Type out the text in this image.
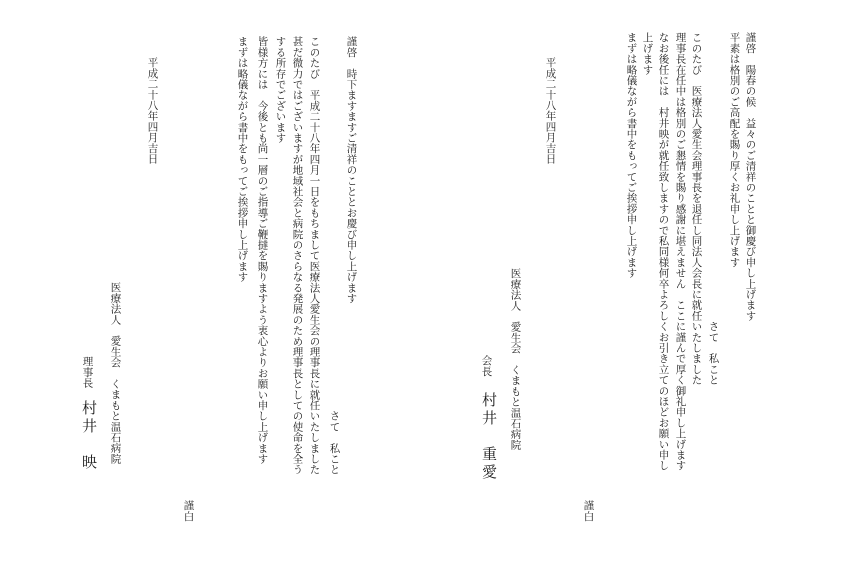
謹啓　陽春の候　益々のご清祥のことと御慶び申し上げます
平素は格別のご高配を賜り厚くお礼申し上げます
　　　　　　　　　　　　　　　　　　　　　　　　　　　さて　私こと
このたび　医療法人愛生会理事長を退任し同法人会長に就任いたしました
理事長在任中は格別のご懇情を賜り感謝に堪えません　ここに謹んで厚く御礼申し上げます
なお後任には　村井映が就任致しますので私同様何卒よろしくお引き立てのほどお願い申し
上げます
まずは略儀ながら書中をもってご挨拶申し上げます
平成二十八年四月吉日
医療法人　愛生会　くまもと温石病院
会長
村井　重愛
謹白
謹啓　時下ますますご清祥のこととお慶び申し上げます
　　　　　　　　　　　　　　　　　　　　　　　　　　　　　　　　　　　さて　私こと
このたび　平成二十八年四月一日をもちまして医療法人愛生会の理事長に就任いたしました
甚だ微力ではございますが地域社会と病院のさらなる発展のため理事長としての使命を全う
する所存でございます
皆様方には　今後とも尚一層のご指導ご鞭撻を賜りますよう衷心よりお願い申し上げます
まずは略儀ながら書中をもってご挨拶申し上げます
平成二十八年四月吉日
医療法人　愛生会　くまもと温石病院
理事長
村井　映
謹白
